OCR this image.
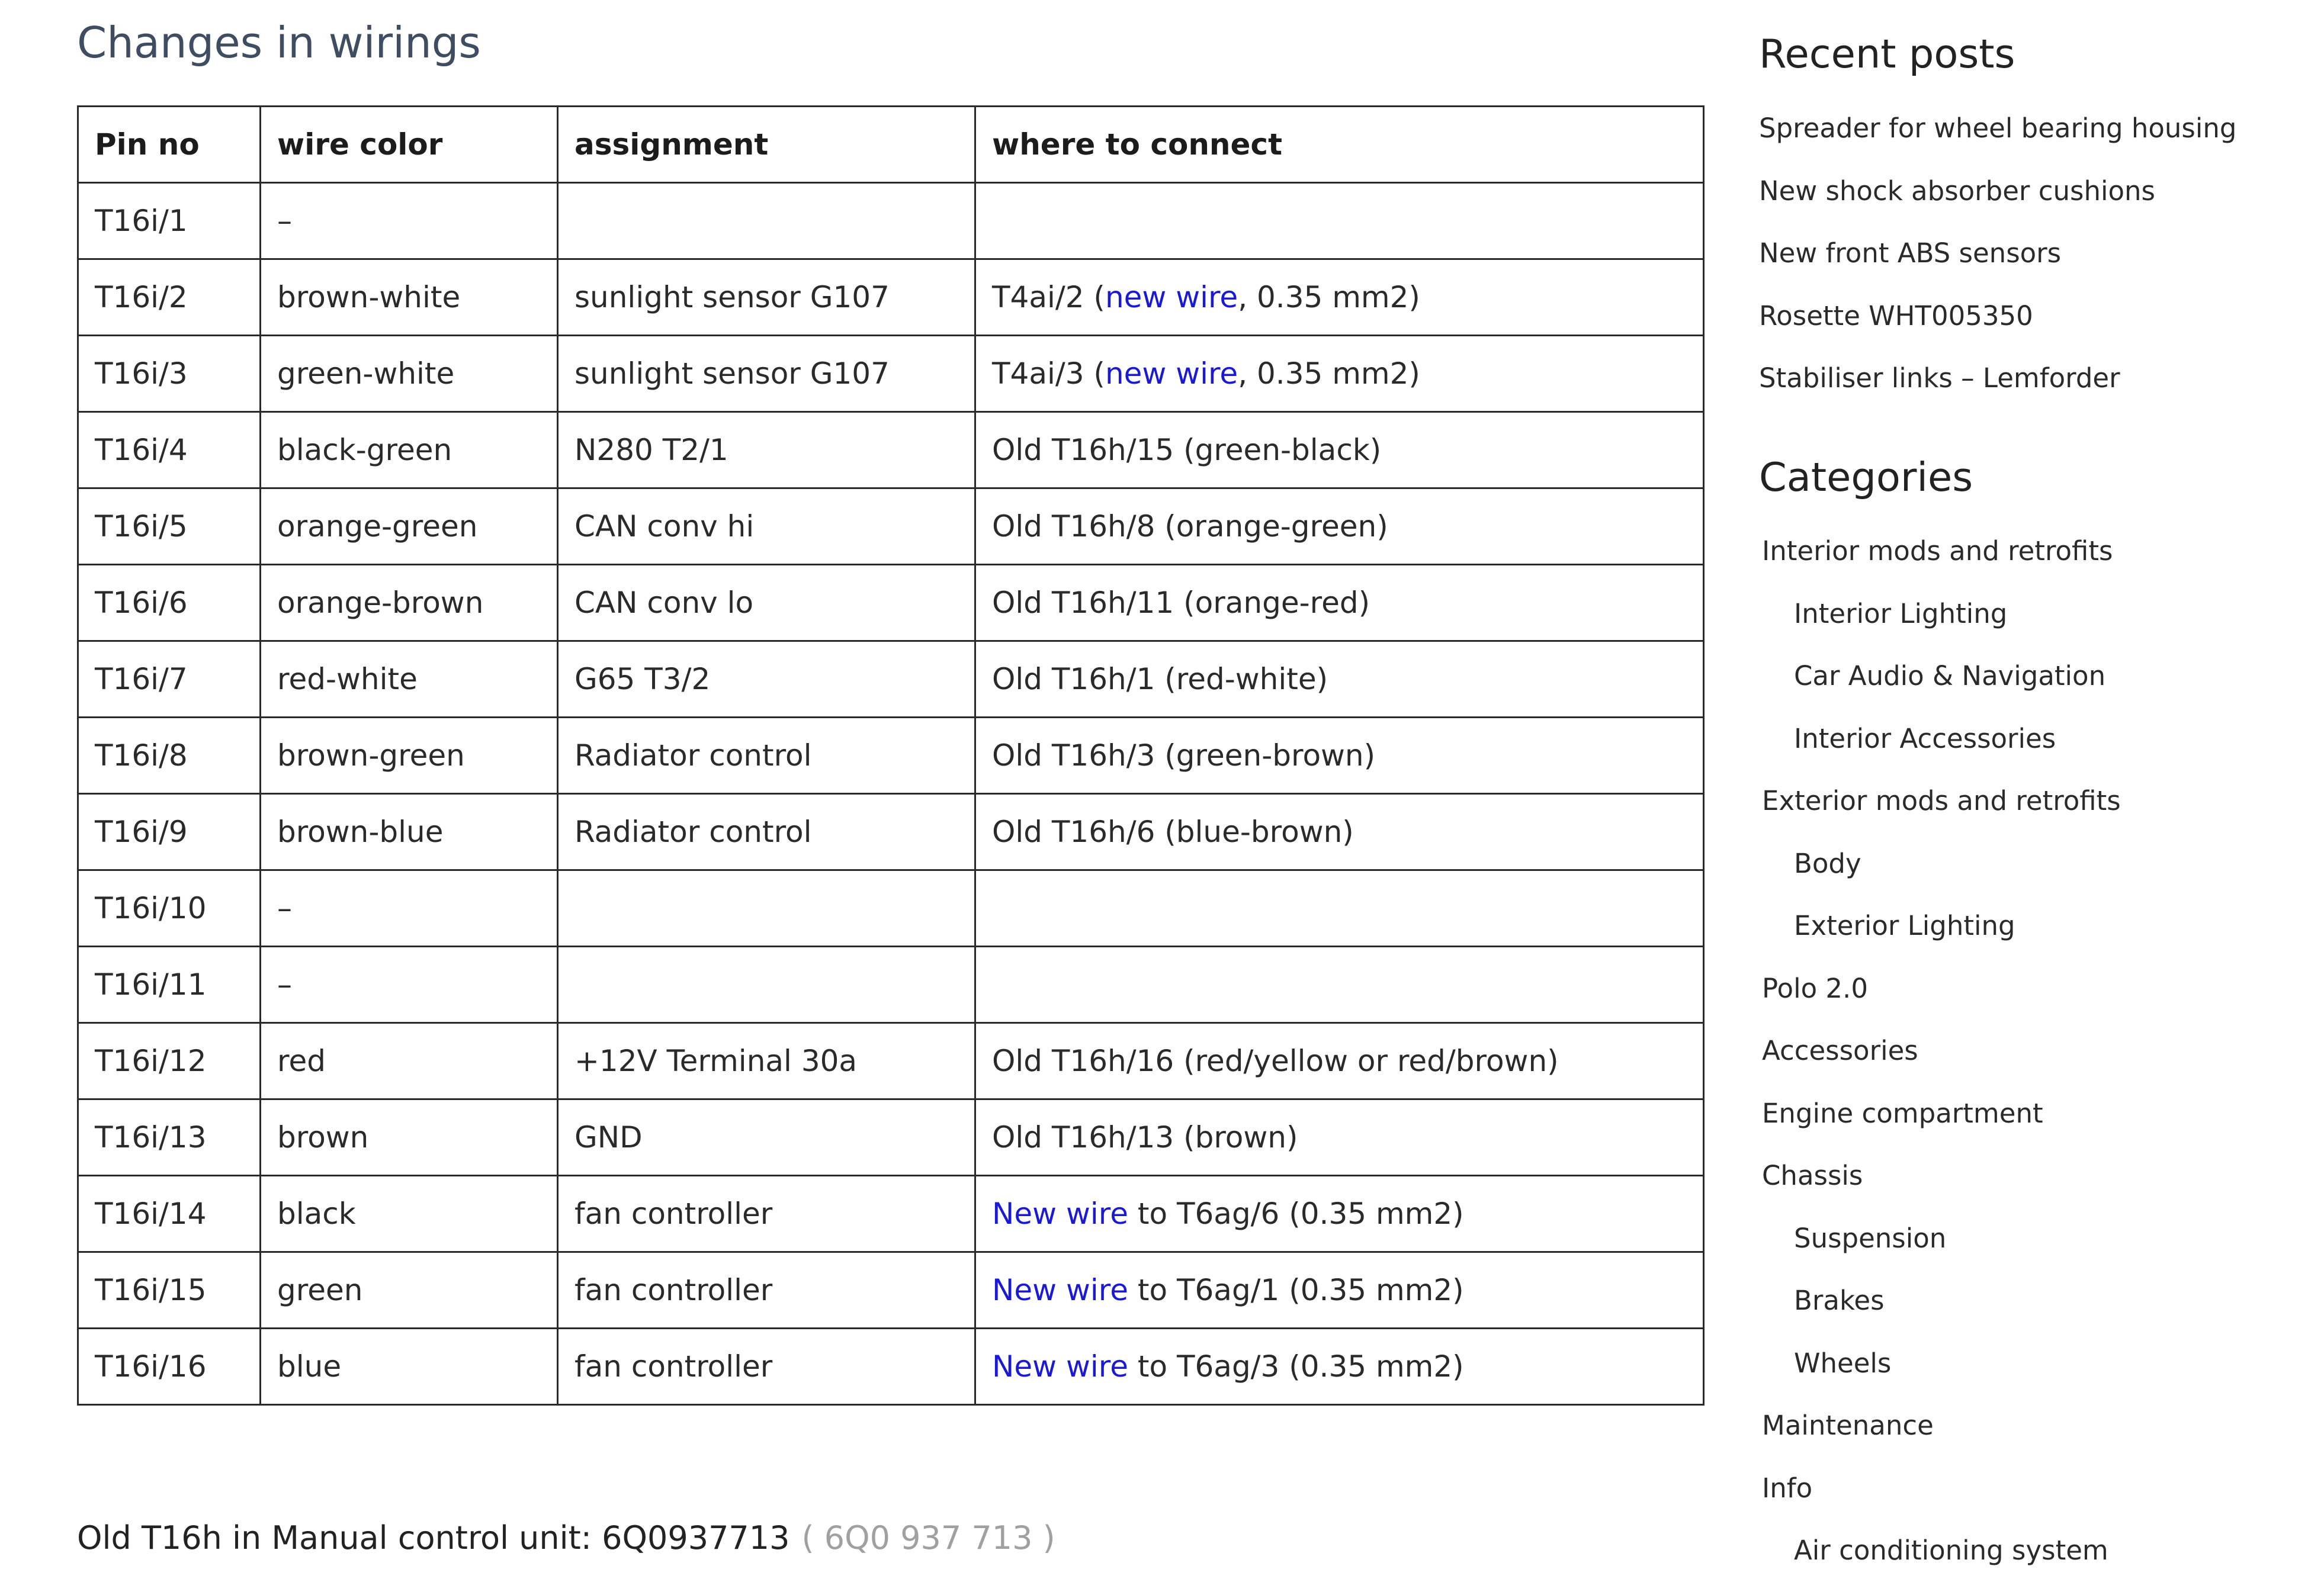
Changes in wirings
Pin no	wire color	assignment	where to connect
T16i/1	–		
T16i/2	brown-white	sunlight sensor G107	T4ai/2 (new wire, 0.35 mm2)
T16i/3	green-white	sunlight sensor G107	T4ai/3 (new wire, 0.35 mm2)
T16i/4	black-green	N280 T2/1	Old T16h/15 (green-black)
T16i/5	orange-green	CAN conv hi	Old T16h/8 (orange-green)
T16i/6	orange-brown	CAN conv lo	Old T16h/11 (orange-red)
T16i/7	red-white	G65 T3/2	Old T16h/1 (red-white)
T16i/8	brown-green	Radiator control	Old T16h/3 (green-brown)
T16i/9	brown-blue	Radiator control	Old T16h/6 (blue-brown)
T16i/10	–		
T16i/11	–		
T16i/12	red	+12V Terminal 30a	Old T16h/16 (red/yellow or red/brown)
T16i/13	brown	GND	Old T16h/13 (brown)
T16i/14	black	fan controller	New wire to T6ag/6 (0.35 mm2)
T16i/15	green	fan controller	New wire to T6ag/1 (0.35 mm2)
T16i/16	blue	fan controller	New wire to T6ag/3 (0.35 mm2)
Old T16h in Manual control unit: 6Q0937713 ( 6Q0 937 713 )
Recent posts
Spreader for wheel bearing housing
New shock absorber cushions
New front ABS sensors
Rosette WHT005350
Stabiliser links – Lemforder
Categories
Interior mods and retrofits
Interior Lighting
Car Audio & Navigation
Interior Accessories
Exterior mods and retrofits
Body
Exterior Lighting
Polo 2.0
Accessories
Engine compartment
Chassis
Suspension
Brakes
Wheels
Maintenance
Info
Air conditioning system
